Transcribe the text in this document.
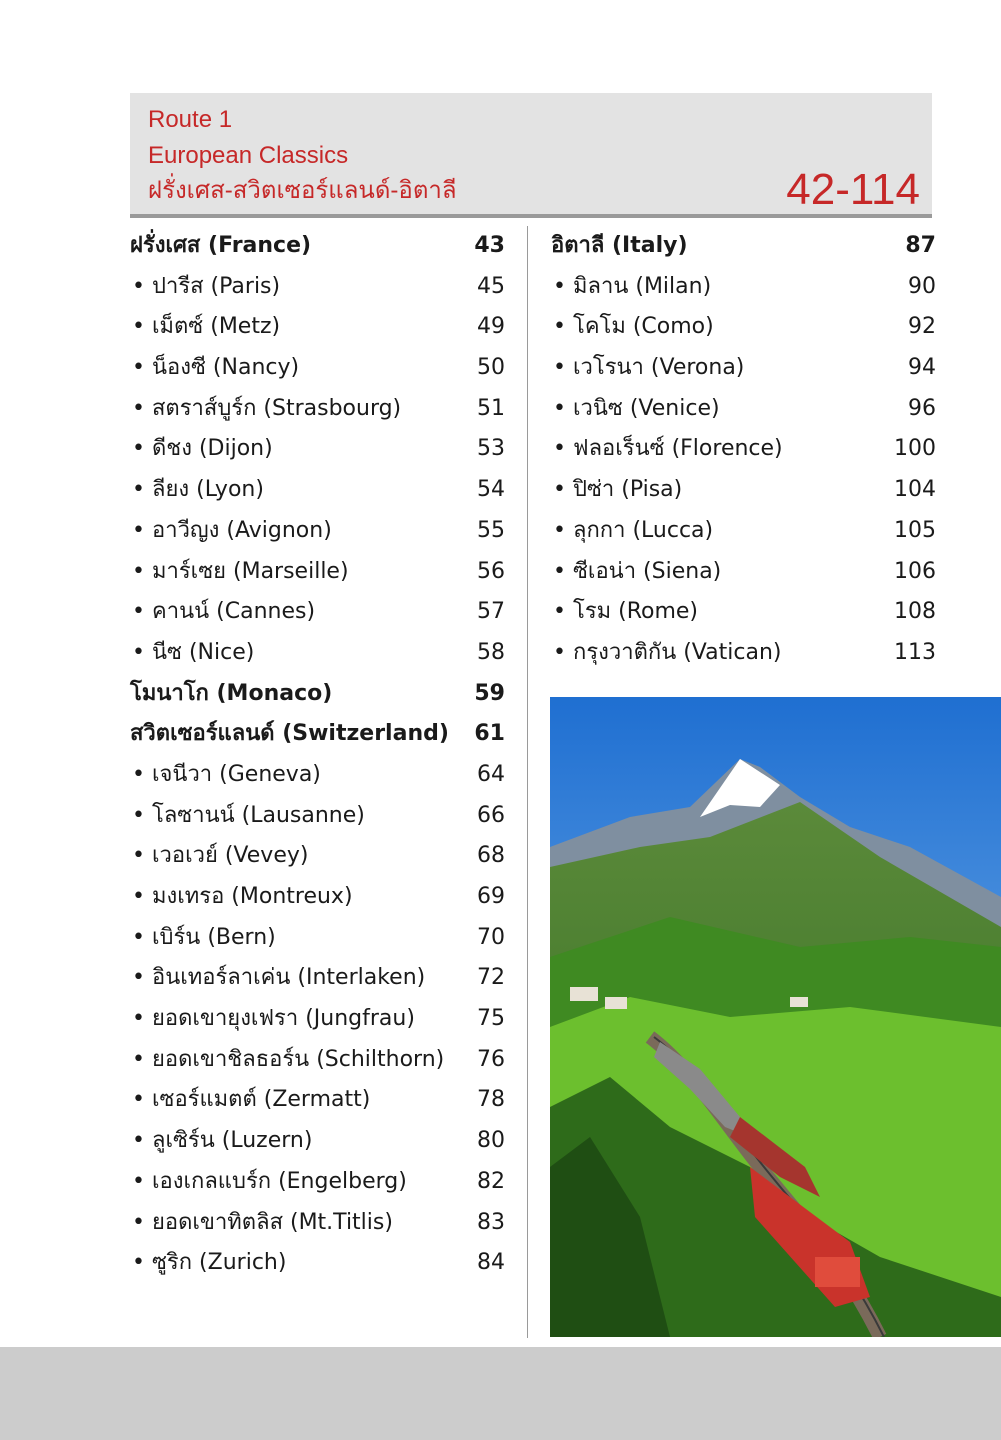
Route 1
European Classics
ฝรั่งเศส-สวิตเซอร์แลนด์-อิตาลี	42-114
ฝรั่งเศส (France)	43
• ปารีส (Paris)	45
• เม็ตซ์ (Metz)	49
• น็องซี (Nancy)	50
• สตราส์บูร์ก (Strasbourg)	51
• ดีชง (Dijon)	53
• ลียง (Lyon)	54
• อาวีญง (Avignon)	55
• มาร์เซย (Marseille)	56
• คานน์ (Cannes)	57
• นีซ (Nice)	58
โมนาโก (Monaco)	59
สวิตเซอร์แลนด์ (Switzerland) 61
• เจนีวา (Geneva)	64
• โลซานน์ (Lausanne)	66
• เวอเวย์ (Vevey)	68
• มงเทรอ (Montreux)	69
• เบิร์น (Bern)	70
• อินเทอร์ลาเค่น (Interlaken) 72
• ยอดเขายุงเฟรา (Jungfrau)	75
• ยอดเขาชิลธอร์น (Schilthorn) 76
• เซอร์แมตต์ (Zermatt)	78
• ลูเซิร์น (Luzern)	80
• เองเกลแบร์ก (Engelberg)	82
• ยอดเขาทิตลิส (Mt.Titlis)	83
• ซูริก (Zurich)	84
อิตาลี (Italy)	87
• มิลาน (Milan)	90
• โคโม (Como)	92
• เวโรนา (Verona)	94
• เวนิซ (Venice)	96
• ฟลอเร็นซ์ (Florence)	100
• ปิซ่า (Pisa)	104
• ลุกกา (Lucca)	105
• ซีเอน่า (Siena)	106
• โรม (Rome)	108
• กรุงวาติกัน (Vatican)	113
